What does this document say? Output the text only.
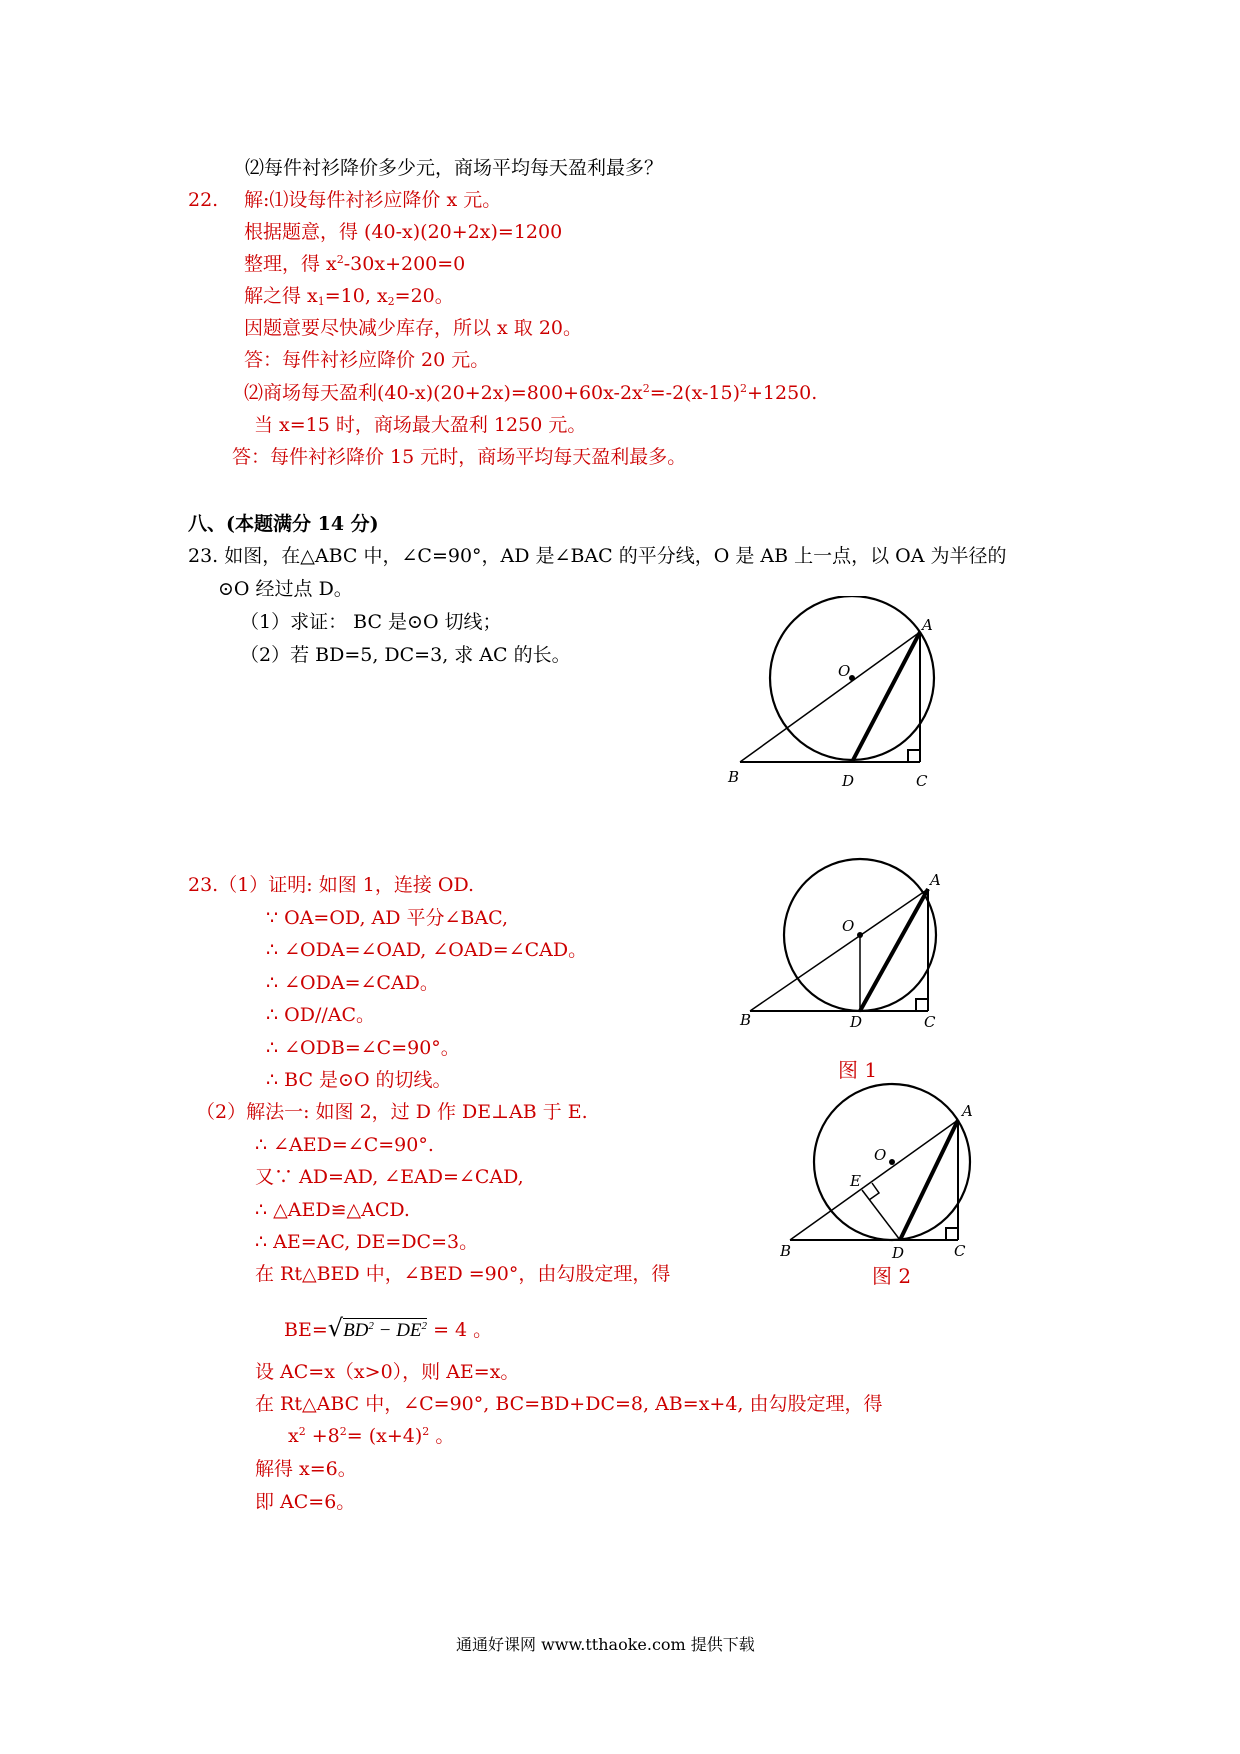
⑵每件衬衫降价多少元，商场平均每天盈利最多？
22. 解:⑴设每件衬衫应降价 x 元。
根据题意，得 (40-x)(20+2x)=1200
整理，得 $x^2-30x+200=0$
解之得 $x_1=10$, $x_2=20$。
因题意要尽快减少库存，所以 x 取 20。
答：每件衬衫应降价 20 元。
⑵商场每天盈利$(40-x)(20+2x)=800+60x-2x^2=-2(x-15)^2+1250$.
当 x=15 时，商场最大盈利 1250 元。
答：每件衬衫降价 15 元时，商场平均每天盈利最多。
八、(本题满分 14 分)
23. 如图，在△ABC 中，∠C=90°，AD 是∠BAC 的平分线，O 是 AB 上一点，以 OA 为半径的
⊙O 经过点 D。
（1）求证： BC 是⊙O 切线；
（2）若 BD=5, DC=3, 求 AC 的长。
A
O
B	D	C
23.（1）证明: 如图 1，连接 OD.
∵ OA=OD, AD 平分∠BAC,
∴ ∠ODA=∠OAD, ∠OAD=∠CAD。
∴ ∠ODA=∠CAD。
∴ OD//AC。
∴ ∠ODB=∠C=90°。
∴ BC 是⊙O 的切线。
A
O
B	D	C
图 1
（2）解法一: 如图 2，过 D 作 DE⊥AB 于 E.
∴ ∠AED=∠C=90°.
又∵ AD=AD, ∠EAD=∠CAD,
∴ △AED≌△ACD.
∴ AE=AC, DE=DC=3。
在 Rt△BED 中，∠BED =90°，由勾股定理，得
$BE=√BD^2 - DE^2 = 4$ 。
设 AC=x（x>0），则 AE=x。
在 Rt△ABC 中，∠C=90°, BC=BD+DC=8, AB=x+4, 由勾股定理，得
$x^2 +8^2= (x+4)^2$ 。
解得 x=6。
即 AC=6。
A
O
E
B	D	C
图 2
通通好课网 www.tthaoke.com 提供下载
